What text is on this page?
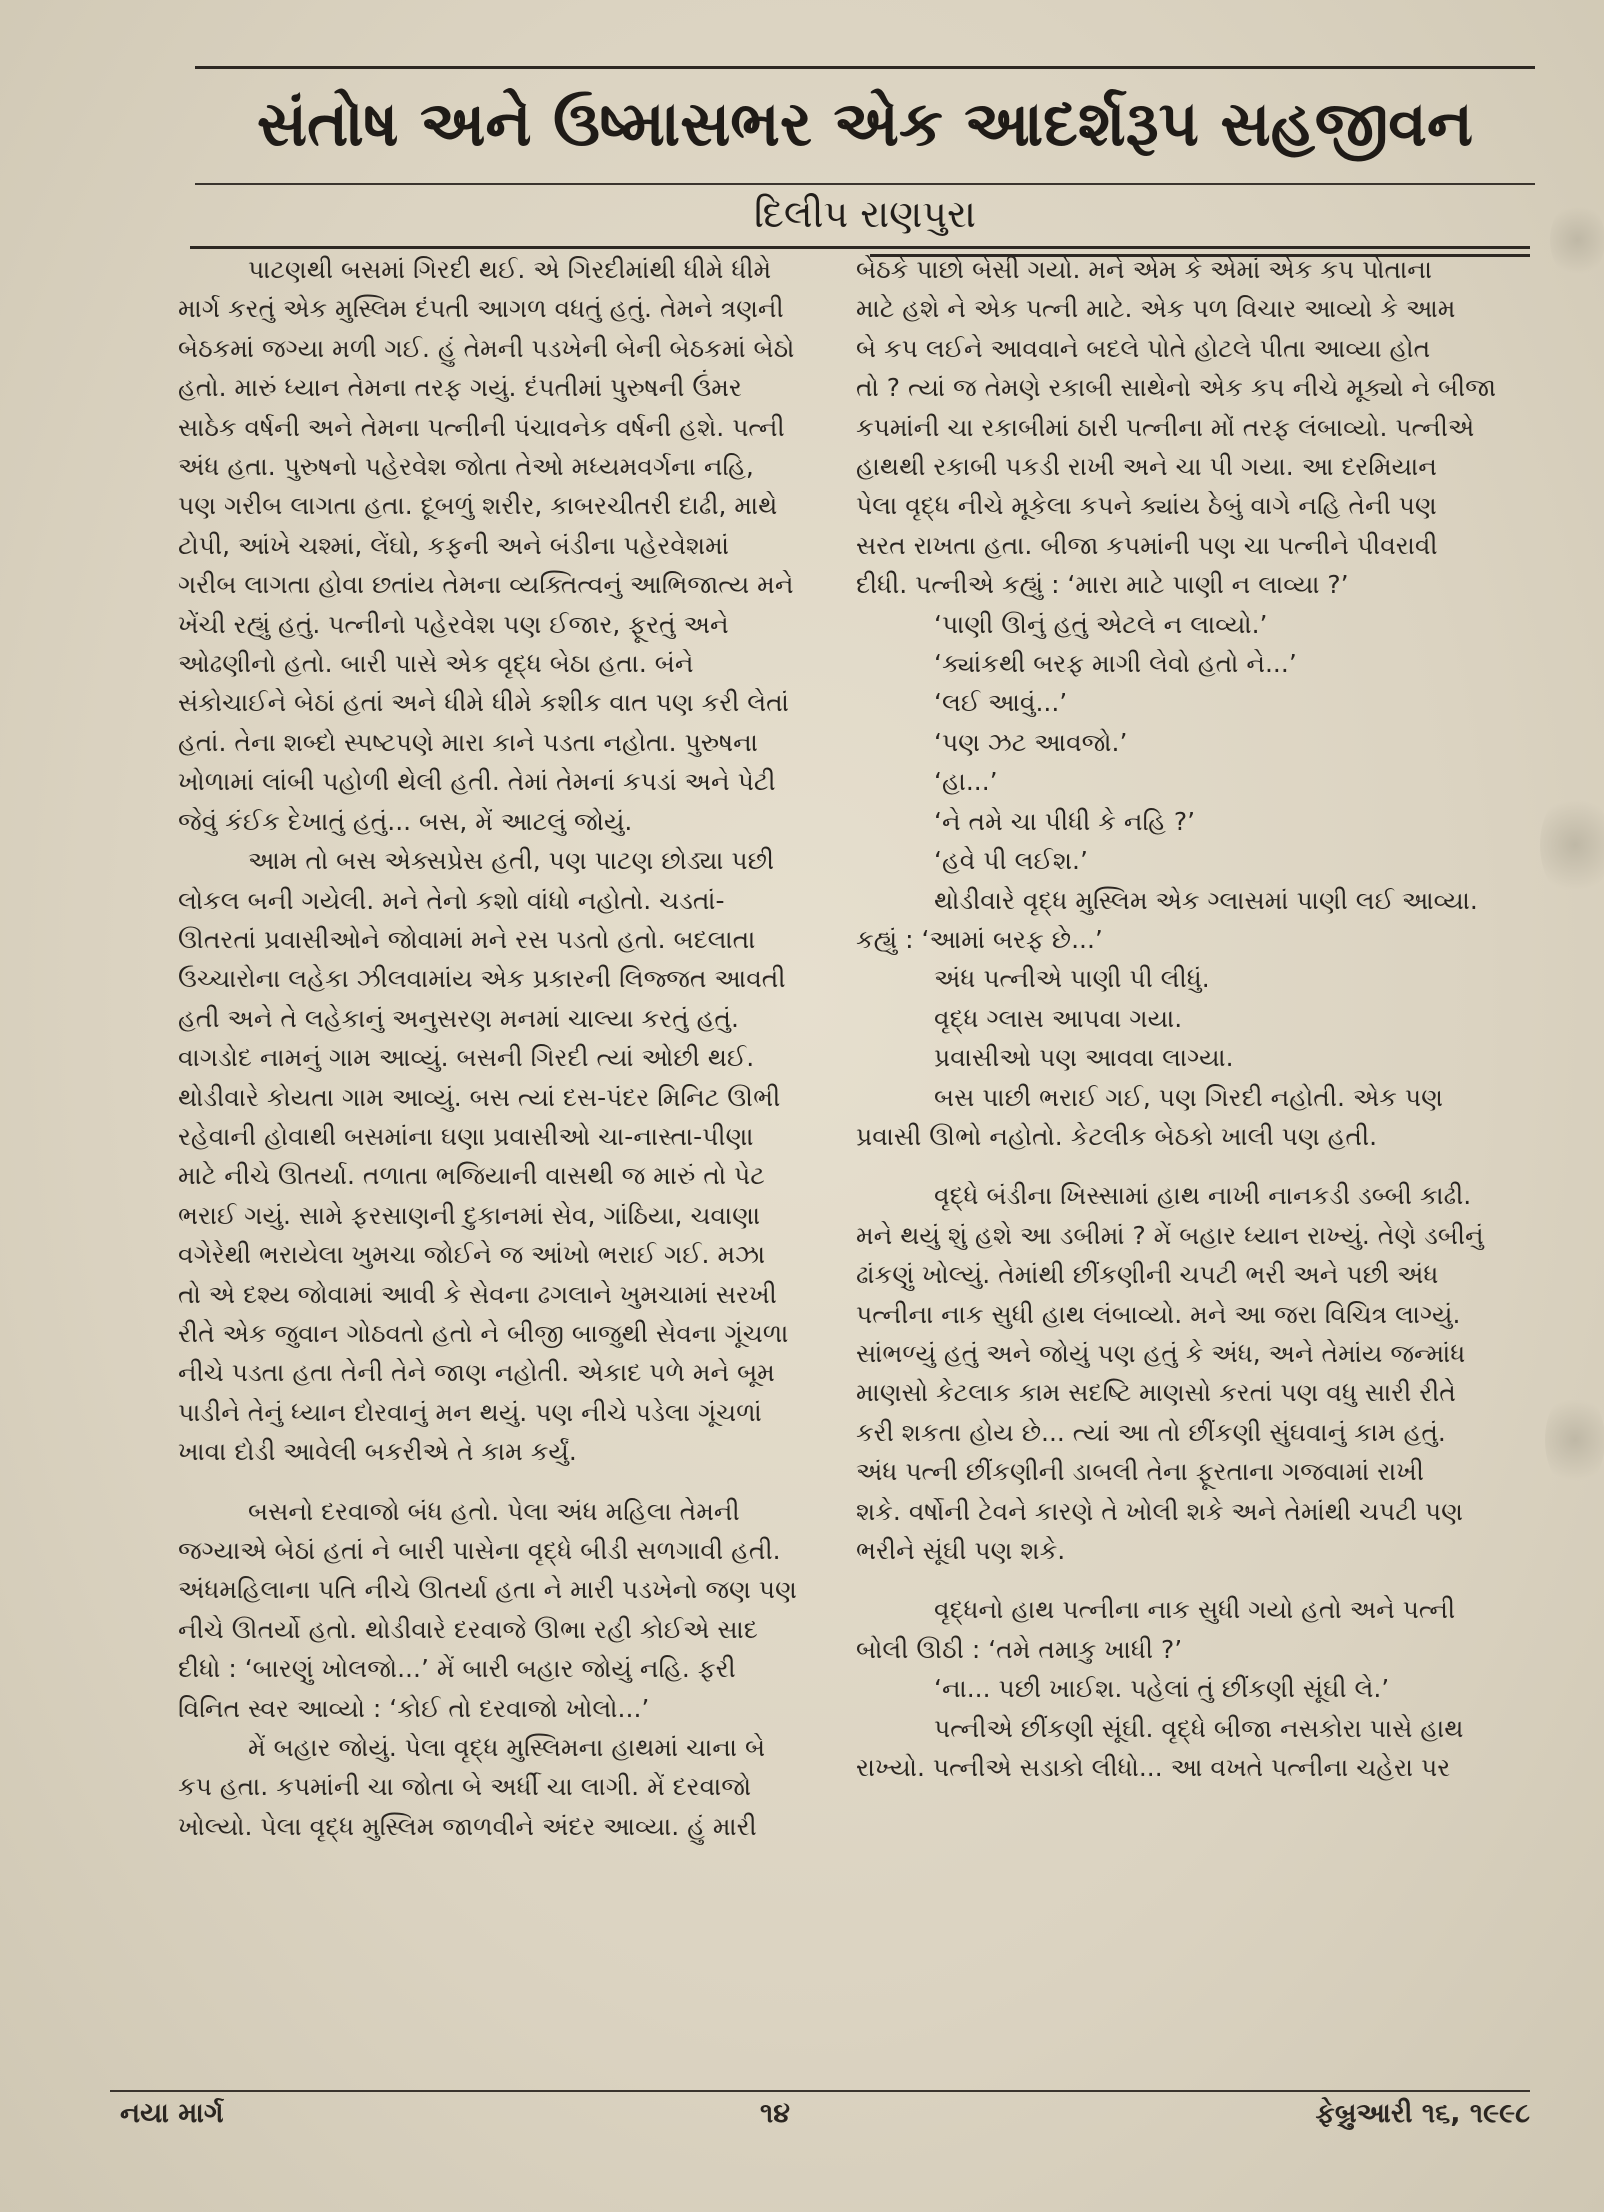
સંતોષ અને ઉષ્માસભર એક આદર્શરૂપ સહજીવન
દિલીપ રાણપુરા

પાટણથી બસમાં ગિરદી થઈ. એ ગિરદીમાંથી ધીમે ધીમે

માર્ગ કરતું એક મુસ્લિમ દંપતી આગળ વધતું હતું. તેમને ત્રણની

બેઠકમાં જગ્યા મળી ગઈ. હું તેમની પડખેની બેની બેઠકમાં બેઠો

હતો. મારું ધ્યાન તેમના તરફ ગયું. દંપતીમાં પુરુષની ઉંમર

સાઠેક વર્ષની અને તેમના પત્નીની પંચાવનેક વર્ષની હશે. પત્ની

અંધ હતા. પુરુષનો પહેરવેશ જોતા તેઓ મધ્યમવર્ગના નહિ,

પણ ગરીબ લાગતા હતા. દૂબળું શરીર, કાબરચીતરી દાઢી, માથે

ટોપી, આંખે ચશ્માં, લેંઘો, કફની અને બંડીના પહેરવેશમાં

ગરીબ લાગતા હોવા છતાંય તેમના વ્યક્તિત્વનું આભિજાત્ય મને

ખેંચી રહ્યું હતું. પત્નીનો પહેરવેશ પણ ઈજાર, ફૂરતું અને

ઓઢણીનો હતો. બારી પાસે એક વૃદ્ધ બેઠા હતા. બંને

સંકોચાઈને બેઠાં હતાં અને ધીમે ધીમે કશીક વાત પણ કરી લેતાં

હતાં. તેના શબ્દો સ્પષ્ટપણે મારા કાને પડતા નહોતા. પુરુષના

ખોળામાં લાંબી પહોળી થેલી હતી. તેમાં તેમનાં કપડાં અને પેટી

જેવું કંઈક દેખાતું હતું... બસ, મેં આટલું જોયું.

આમ તો બસ એક્સપ્રેસ હતી, પણ પાટણ છોડ્યા પછી

લોકલ બની ગયેલી. મને તેનો કશો વાંધો નહોતો. ચડતાં-

ઊતરતાં પ્રવાસીઓને જોવામાં મને રસ પડતો હતો. બદલાતા

ઉચ્ચારોના લહેકા ઝીલવામાંય એક પ્રકારની લિજ્જત આવતી

હતી અને તે લહેકાનું અનુસરણ મનમાં ચાલ્યા કરતું હતું.

વાગડોદ નામનું ગામ આવ્યું. બસની ગિરદી ત્યાં ઓછી થઈ.

થોડીવારે કોયતા ગામ આવ્યું. બસ ત્યાં દસ-પંદર મિનિટ ઊભી

રહેવાની હોવાથી બસમાંના ઘણા પ્રવાસીઓ ચા-નાસ્તા-પીણા

માટે નીચે ઊતર્યા. તળાતા ભજિયાની વાસથી જ મારું તો પેટ

ભરાઈ ગયું. સામે ફરસાણની દુકાનમાં સેવ, ગાંઠિયા, ચવાણા

વગેરેથી ભરાયેલા ખુમચા જોઈને જ આંખો ભરાઈ ગઈ. મઝા

તો એ દશ્ય જોવામાં આવી કે સેવના ઢગલાને ખુમચામાં સરખી

રીતે એક જુવાન ગોઠવતો હતો ને બીજી બાજુથી સેવના ગૂંચળા

નીચે પડતા હતા તેની તેને જાણ નહોતી. એકાદ પળે મને બૂમ

પાડીને તેનું ધ્યાન દોરવાનું મન થયું. પણ નીચે પડેલા ગૂંચળાં

ખાવા દોડી આવેલી બકરીએ તે કામ કર્યું.

બસનો દરવાજો બંધ હતો. પેલા અંધ મહિલા તેમની

જગ્યાએ બેઠાં હતાં ને બારી પાસેના વૃદ્ધે બીડી સળગાવી હતી.

અંધમહિલાના પતિ નીચે ઊતર્યા હતા ને મારી પડખેનો જણ પણ

નીચે ઊતર્યો હતો. થોડીવારે દરવાજે ઊભા રહી કોઈએ સાદ

દીધો : ‘બારણું ખોલજો...’ મેં બારી બહાર જોયું નહિ. ફરી

વિનિત સ્વર આવ્યો : ‘કોઈ તો દરવાજો ખોલો...’

મેં બહાર જોયું. પેલા વૃદ્ધ મુસ્લિમના હાથમાં ચાના બે

કપ હતા. કપમાંની ચા જોતા બે અર્ધી ચા લાગી. મેં દરવાજો

ખોલ્યો. પેલા વૃદ્ધ મુસ્લિમ જાળવીને અંદર આવ્યા. હું મારી

બેઠકે પાછો બેસી ગયો. મને એમ કે એમાં એક કપ પોતાના

માટે હશે ને એક પત્ની માટે. એક પળ વિચાર આવ્યો કે આમ

બે કપ લઈને આવવાને બદલે પોતે હોટલે પીતા આવ્યા હોત

તો ? ત્યાં જ તેમણે રકાબી સાથેનો એક કપ નીચે મૂક્યો ને બીજા

કપમાંની ચા રકાબીમાં ઠારી પત્નીના મોં તરફ લંબાવ્યો. પત્નીએ

હાથથી રકાબી પકડી રાખી અને ચા પી ગયા. આ દરમિયાન

પેલા વૃદ્ધ નીચે મૂકેલા કપને ક્યાંય ઠેબું વાગે નહિ તેની પણ

સરત રાખતા હતા. બીજા કપમાંની પણ ચા પત્નીને પીવરાવી

દીધી. પત્નીએ કહ્યું : ‘મારા માટે પાણી ન લાવ્યા ?’

‘પાણી ઊનું હતું એટલે ન લાવ્યો.’

‘ક્યાંકથી બરફ માગી લેવો હતો ને...’

‘લઈ આવું...’

‘પણ ઝટ આવજો.’

‘હા...’

‘ને તમે ચા પીધી કે નહિ ?’

‘હવે પી લઈશ.’

થોડીવારે વૃદ્ધ મુસ્લિમ એક ગ્લાસમાં પાણી લઈ આવ્યા.

કહ્યું : ‘આમાં બરફ છે...’

અંધ પત્નીએ પાણી પી લીધું.

વૃદ્ધ ગ્લાસ આપવા ગયા.

પ્રવાસીઓ પણ આવવા લાગ્યા.

બસ પાછી ભરાઈ ગઈ, પણ ગિરદી નહોતી. એક પણ

પ્રવાસી ઊભો નહોતો. કેટલીક બેઠકો ખાલી પણ હતી.

વૃદ્ધે બંડીના ખિસ્સામાં હાથ નાખી નાનકડી ડબ્બી કાઢી.

મને થયું શું હશે આ ડબીમાં ? મેં બહાર ધ્યાન રાખ્યું. તેણે ડબીનું

ઢાંકણું ખોલ્યું. તેમાંથી છીંકણીની ચપટી ભરી અને પછી અંધ

પત્નીના નાક સુધી હાથ લંબાવ્યો. મને આ જરા વિચિત્ર લાગ્યું.

સાંભળ્યું હતું અને જોયું પણ હતું કે અંધ, અને તેમાંય જન્માંધ

માણસો કેટલાક કામ સદષ્ટિ માણસો કરતાં પણ વધુ સારી રીતે

કરી શકતા હોય છે... ત્યાં આ તો છીંકણી સુંઘવાનું કામ હતું.

અંધ પત્ની છીંકણીની ડાબલી તેના ફૂરતાના ગજવામાં રાખી

શકે. વર્ષોની ટેવને કારણે તે ખોલી શકે અને તેમાંથી ચપટી પણ

ભરીને સૂંઘી પણ શકે.

વૃદ્ધનો હાથ પત્નીના નાક સુધી ગયો હતો અને પત્ની

બોલી ઊઠી : ‘તમે તમાકુ ખાધી ?’

‘ના... પછી ખાઈશ. પહેલાં તું છીંકણી સૂંઘી લે.’

પત્નીએ છીંકણી સૂંઘી. વૃદ્ધે બીજા નસકોરા પાસે હાથ

રાખ્યો. પત્નીએ સડાકો લીધો... આ વખતે પત્નીના ચહેરા પર

નયા માર્ગ	૧૪	ફેબ્રુઆરી ૧૬, ૧૯૯૮
